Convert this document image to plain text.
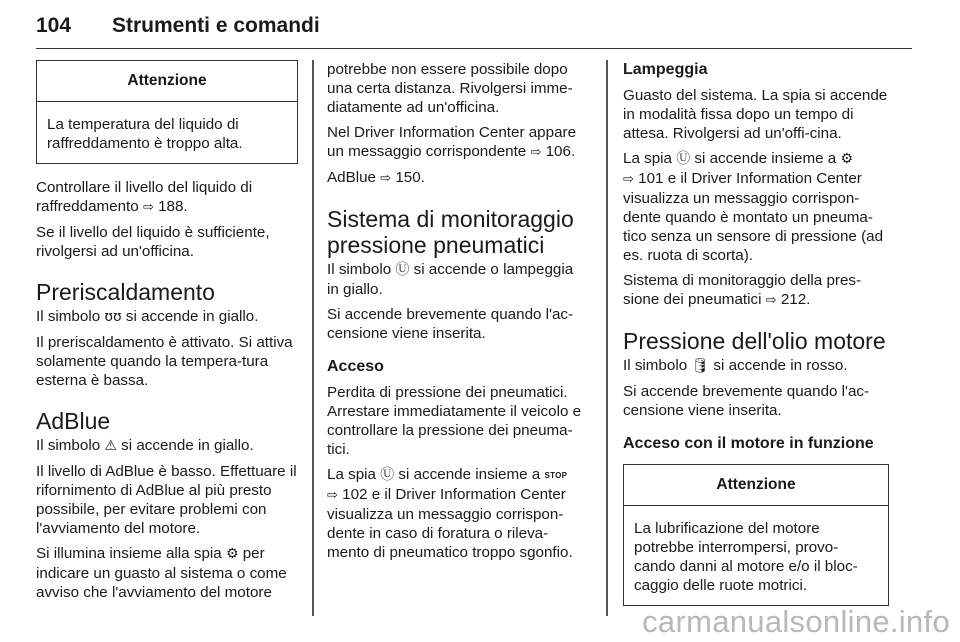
104 Strumenti e comandi
Attenzione
La temperatura del liquido di raffreddamento è troppo alta.

Controllare il livello del liquido di raffreddamento ⇨ 188.

Se il livello del liquido è sufficiente, rivolgersi ad un'officina.

Preriscaldamento

Il simbolo ʊʊ si accende in giallo.

Il preriscaldamento è attivato. Si attiva solamente quando la tempera-tura esterna è bassa.

AdBlue

Il simbolo ⚠ si accende in giallo.

Il livello di AdBlue è basso. Effettuare il rifornimento di AdBlue al più presto possibile, per evitare problemi con l'avviamento del motore.

Si illumina insieme alla spia ⚙ per indicare un guasto al sistema o come avviso che l'avviamento del motore

potrebbe non essere possibile dopo una certa distanza. Rivolgersi imme-diatamente ad un'officina.

Nel Driver Information Center appare un messaggio corrispondente ⇨ 106.

AdBlue ⇨ 150.

Sistema di monitoraggio pressione pneumatici

Il simbolo Ⓤ si accende o lampeggia in giallo.

Si accende brevemente quando l'ac-censione viene inserita.

Acceso

Perdita di pressione dei pneumatici. Arrestare immediatamente il veicolo e controllare la pressione dei pneuma-tici.

La spia Ⓤ si accende insieme a STOP
⇨ 102 e il Driver Information Center visualizza un messaggio corrispon-dente in caso di foratura o rileva-mento di pneumatico troppo sgonfio.

Lampeggia

Guasto del sistema. La spia si accende in modalità fissa dopo un tempo di attesa. Rivolgersi ad un'offi-cina.

La spia Ⓤ si accende insieme a ⚙
⇨ 101 e il Driver Information Center visualizza un messaggio corrispon-dente quando è montato un pneuma-tico senza un sensore di pressione (ad es. ruota di scorta).

Sistema di monitoraggio della pres-sione dei pneumatici ⇨ 212.

Pressione dell'olio motore

Il simbolo 🛢 si accende in rosso.

Si accende brevemente quando l'ac-censione viene inserita.

Acceso con il motore in funzione
Attenzione
La lubrificazione del motore potrebbe interrompersi, provo-cando danni al motore e/o il bloc-caggio delle ruote motrici.
carmanualsonline.info
